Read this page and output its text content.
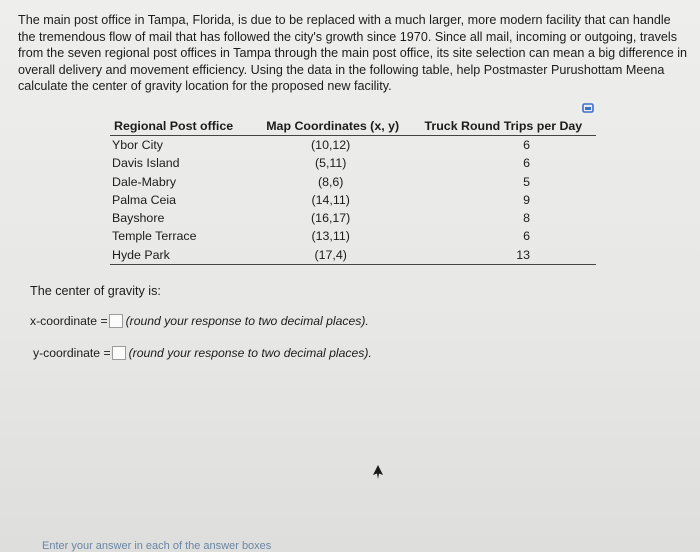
The main post office in Tampa, Florida, is due to be replaced with a much larger, more modern facility that can handle the tremendous flow of mail that has followed the city's growth since 1970. Since all mail, incoming or outgoing, travels from the seven regional post offices in Tampa through the main post office, its site selection can mean a big difference in overall delivery and movement efficiency. Using the data in the following table, help Postmaster Purushottam Meena calculate the center of gravity location for the proposed new facility.

Regional Post office	Map Coordinates (x, y)	Truck Round Trips per Day
Ybor City	(10,12)	6
Davis Island	(5,11)	6
Dale-Mabry	(8,6)	5
Palma Ceia	(14,11)	9
Bayshore	(16,17)	8
Temple Terrace	(13,11)	6
Hyde Park	(17,4)	13
The center of gravity is:
x-coordinate = (round your response to two decimal places).
y-coordinate = (round your response to two decimal places).
Enter your answer in each of the answer boxes
